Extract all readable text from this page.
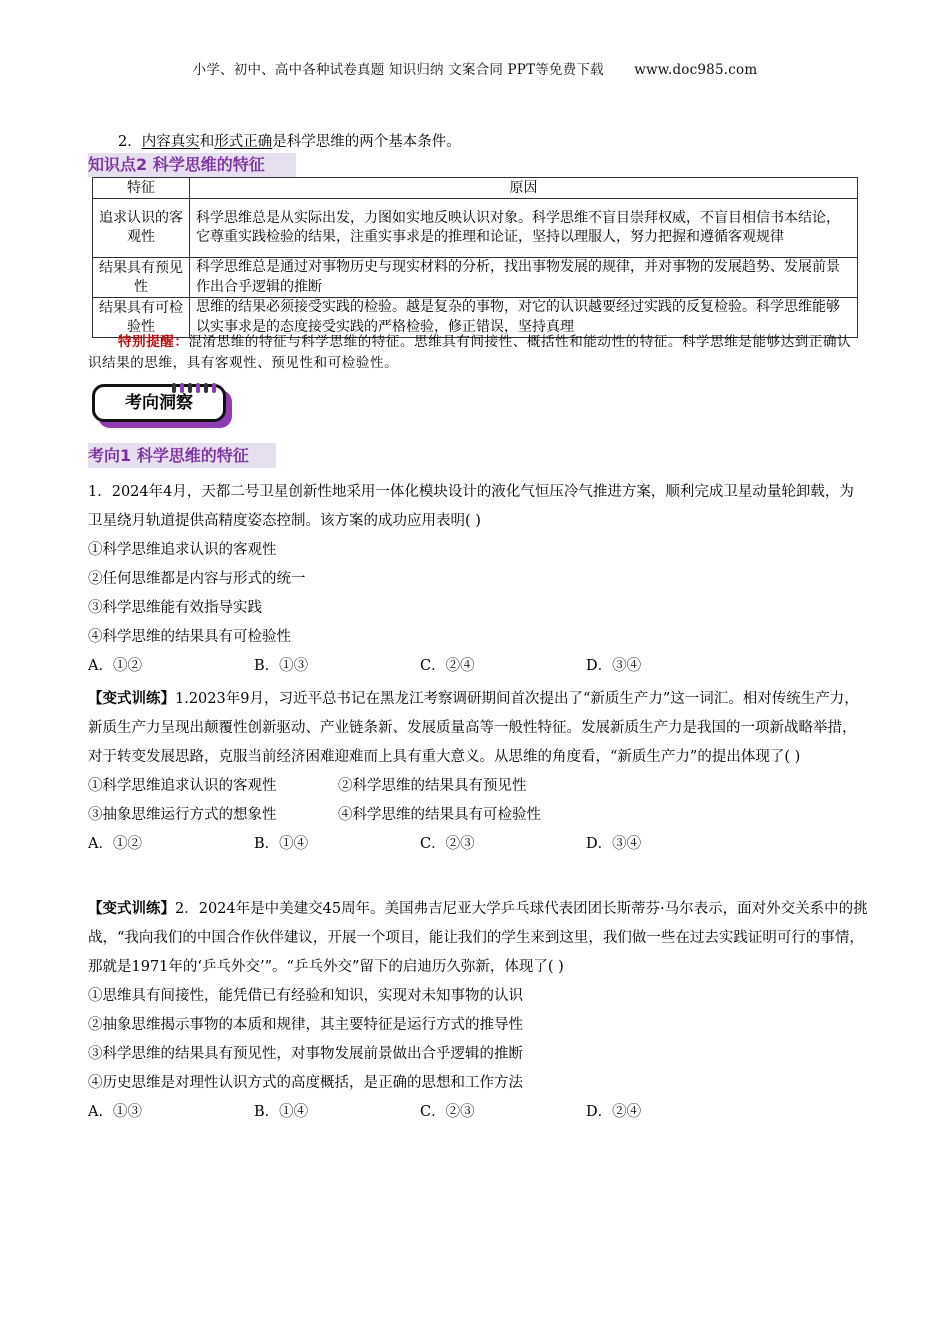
小学、初中、高中各种试卷真题 知识归纳 文案合同 PPT等免费下载 www.doc985.com
2．内容真实和形式正确是科学思维的两个基本条件。
知识点2 科学思维的特征
特征	原因
追求认识的客观性	科学思维总是从实际出发，力图如实地反映认识对象。科学思维不盲目崇拜权威，不盲目相信书本结论，它尊重实践检验的结果，注重实事求是的推理和论证，坚持以理服人，努力把握和遵循客观规律
结果具有预见性	科学思维总是通过对事物历史与现实材料的分析，找出事物发展的规律，并对事物的发展趋势、发展前景作出合乎逻辑的推断
结果具有可检验性	思维的结果必须接受实践的检验。越是复杂的事物，对它的认识越要经过实践的反复检验。科学思维能够以实事求是的态度接受实践的严格检验，修正错误，坚持真理
特别提醒：混淆思维的特征与科学思维的特征。思维具有间接性、概括性和能动性的特征。科学思维是能够达到正确认识结果的思维，具有客观性、预见性和可检验性。
考向洞察
考向1 科学思维的特征
1．2024年4月，天都二号卫星创新性地采用一体化模块设计的液化气恒压冷气推进方案，顺利完成卫星动量轮卸载，为卫星绕月轨道提供高精度姿态控制。该方案的成功应用表明( )
①科学思维追求认识的客观性
②任何思维都是内容与形式的统一
③科学思维能有效指导实践
④科学思维的结果具有可检验性
A．①②	B．①③	C．②④	D．③④
【变式训练】1.2023年9月，习近平总书记在黑龙江考察调研期间首次提出了“新质生产力”这一词汇。相对传统生产力，新质生产力呈现出颠覆性创新驱动、产业链条新、发展质量高等一般性特征。发展新质生产力是我国的一项新战略举措，对于转变发展思路，克服当前经济困难迎难而上具有重大意义。从思维的角度看，“新质生产力”的提出体现了( )
①科学思维追求认识的客观性	②科学思维的结果具有预见性
③抽象思维运行方式的想象性	④科学思维的结果具有可检验性
A．①②	B．①④	C．②③	D．③④
【变式训练】2．2024年是中美建交45周年。美国弗吉尼亚大学乒乓球代表团团长斯蒂芬·马尔表示，面对外交关系中的挑战，“我向我们的中国合作伙伴建议，开展一个项目，能让我们的学生来到这里，我们做一些在过去实践证明可行的事情，那就是1971年的‘乒乓外交’”。“乒乓外交”留下的启迪历久弥新，体现了( )
①思维具有间接性，能凭借已有经验和知识，实现对未知事物的认识
②抽象思维揭示事物的本质和规律，其主要特征是运行方式的推导性
③科学思维的结果具有预见性，对事物发展前景做出合乎逻辑的推断
④历史思维是对理性认识方式的高度概括，是正确的思想和工作方法
A．①③	B．①④	C．②③	D．②④
